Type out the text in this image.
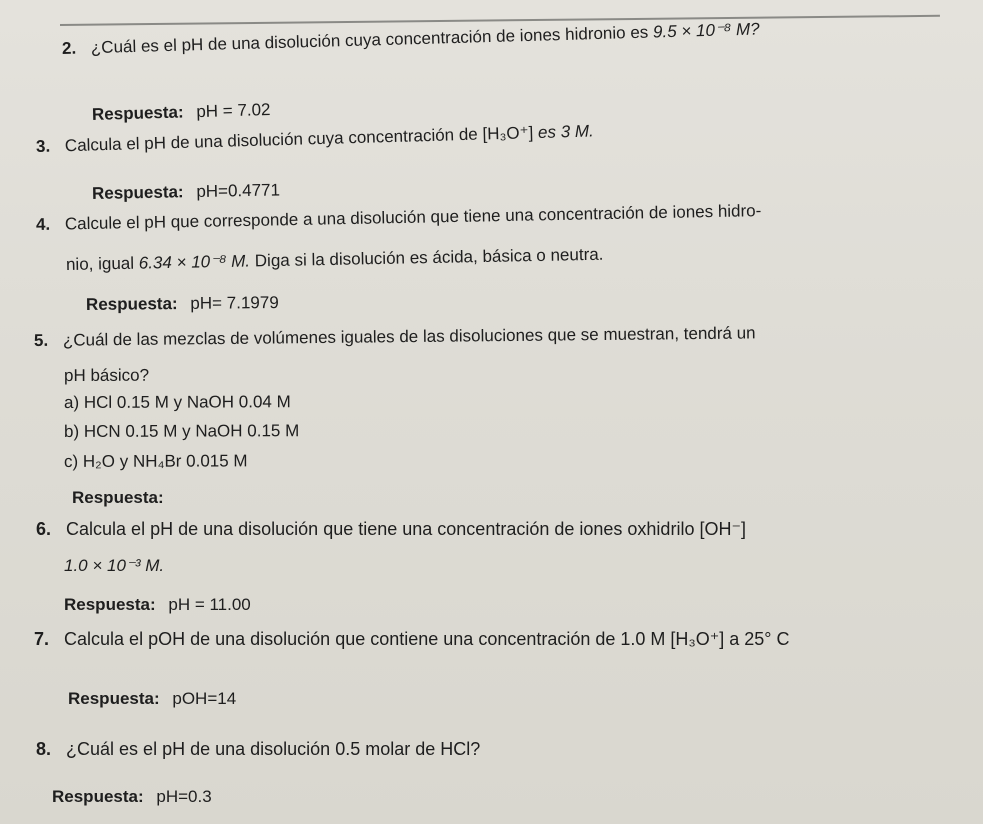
2. ¿Cuál es el pH de una disolución cuya concentración de iones hidronio es 9.5 × 10⁻⁸ M?
Respuesta: pH = 7.02
3. Calcula el pH de una disolución cuya concentración de [H₃O⁺] es 3 M.
Respuesta: pH=0.4771
4. Calcule el pH que corresponde a una disolución que tiene una concentración de iones hidro-
nio, igual 6.34 × 10⁻⁸ M. Diga si la disolución es ácida, básica o neutra.
Respuesta: pH= 7.1979
5. ¿Cuál de las mezclas de volúmenes iguales de las disoluciones que se muestran, tendrá un
pH básico?
a) HCl 0.15 M y NaOH 0.04 M
b) HCN 0.15 M y NaOH 0.15 M
c) H₂O y NH₄Br 0.015 M
Respuesta:
6. Calcula el pH de una disolución que tiene una concentración de iones oxhidrilo [OH⁻]
1.0 × 10⁻³ M.
Respuesta: pH = 11.00
7. Calcula el pOH de una disolución que contiene una concentración de 1.0 M [H₃O⁺] a 25° C
Respuesta: pOH=14
8. ¿Cuál es el pH de una disolución 0.5 molar de HCl?
Respuesta: pH=0.3
